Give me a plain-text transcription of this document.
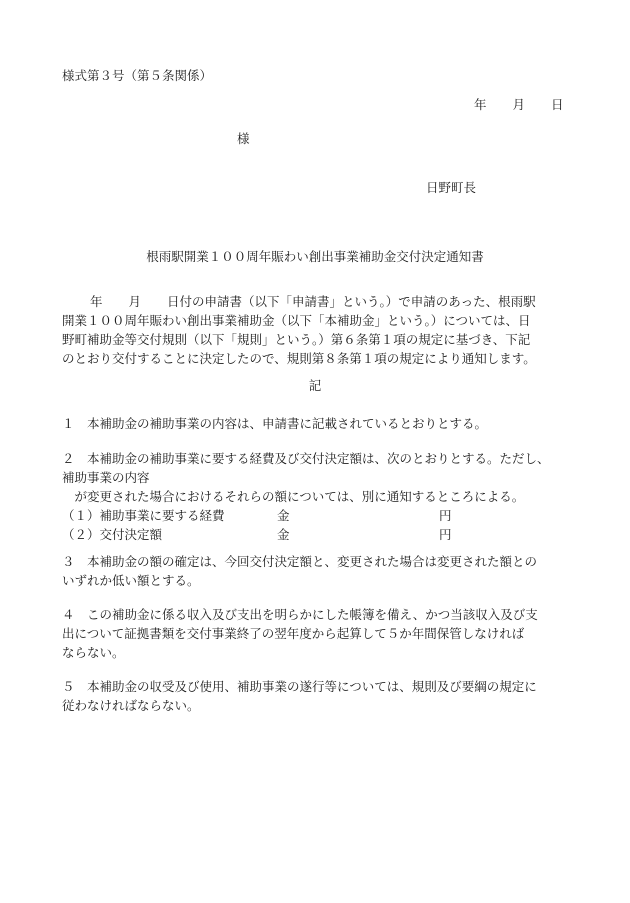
様式第３号（第５条関係）
年 月 日
様
日野町長
根雨駅開業１００周年賑わい創出事業補助金交付決定通知書
年 月 日付の申請書（以下「申請書」という。）で申請のあった、根雨駅
開業１００周年賑わい創出事業補助金（以下「本補助金」という。）については、日
野町補助金等交付規則（以下「規則」という。）第６条第１項の規定に基づき、下記
のとおり交付することに決定したので、規則第８条第１項の規定により通知します。
記
１　本補助金の補助事業の内容は、申請書に記載されているとおりとする。
２　本補助金の補助事業に要する経費及び交付決定額は、次のとおりとする。ただし、
補助事業の内容
　が変更された場合におけるそれらの額については、別に通知するところによる。
（１）補助事業に要する経費	金	円
（２）交付決定額	金	円
３　本補助金の額の確定は、今回交付決定額と、変更された場合は変更された額との
いずれか低い額とする。
４　この補助金に係る収入及び支出を明らかにした帳簿を備え、かつ当該収入及び支
出について証拠書類を交付事業終了の翌年度から起算して５か年間保管しなければ
ならない。
５　本補助金の収受及び使用、補助事業の遂行等については、規則及び要綱の規定に
従わなければならない。
